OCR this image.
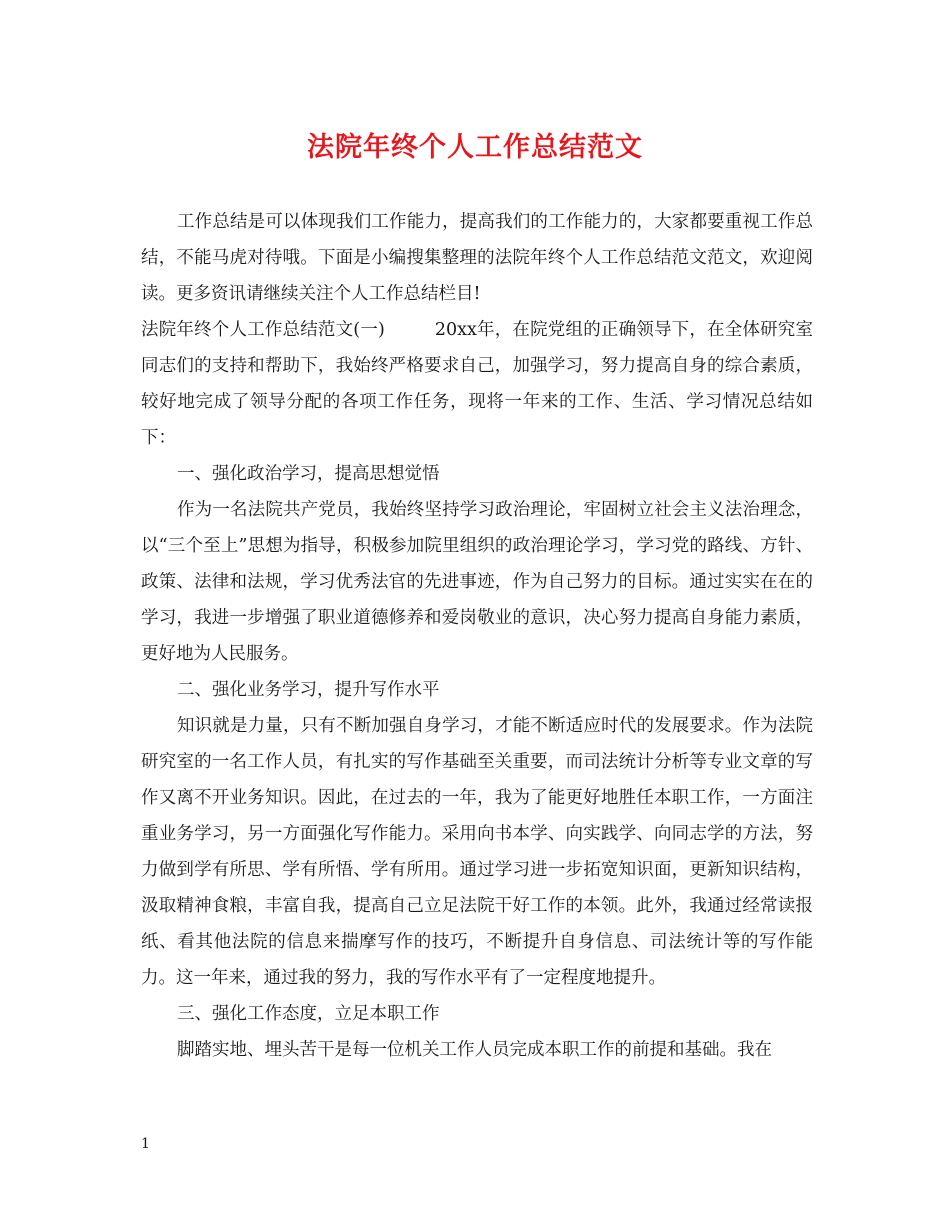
法院年终个人工作总结范文

工作总结是可以体现我们工作能力，提高我们的工作能力的，大家都要重视工作总结，不能马虎对待哦。下面是小编搜集整理的法院年终个人工作总结范文范文，欢迎阅读。更多资讯请继续关注个人工作总结栏目!

法院年终个人工作总结范文(一)	20xx年，在院党组的正确领导下，在全体研究室同志们的支持和帮助下，我始终严格要求自己，加强学习，努力提高自身的综合素质，较好地完成了领导分配的各项工作任务，现将一年来的工作、生活、学习情况总结如下：

一、强化政治学习，提高思想觉悟

作为一名法院共产党员，我始终坚持学习政治理论，牢固树立社会主义法治理念，以“三个至上”思想为指导，积极参加院里组织的政治理论学习，学习党的路线、方针、政策、法律和法规，学习优秀法官的先进事迹，作为自己努力的目标。通过实实在在的学习，我进一步增强了职业道德修养和爱岗敬业的意识，决心努力提高自身能力素质，更好地为人民服务。

二、强化业务学习，提升写作水平

知识就是力量，只有不断加强自身学习，才能不断适应时代的发展要求。作为法院研究室的一名工作人员，有扎实的写作基础至关重要，而司法统计分析等专业文章的写作又离不开业务知识。因此，在过去的一年，我为了能更好地胜任本职工作，一方面注重业务学习，另一方面强化写作能力。采用向书本学、向实践学、向同志学的方法，努力做到学有所思、学有所悟、学有所用。通过学习进一步拓宽知识面，更新知识结构，汲取精神食粮，丰富自我，提高自己立足法院干好工作的本领。此外，我通过经常读报纸、看其他法院的信息来揣摩写作的技巧，不断提升自身信息、司法统计等的写作能力。这一年来，通过我的努力，我的写作水平有了一定程度地提升。

三、强化工作态度，立足本职工作

脚踏实地、埋头苦干是每一位机关工作人员完成本职工作的前提和基础。我在

1
